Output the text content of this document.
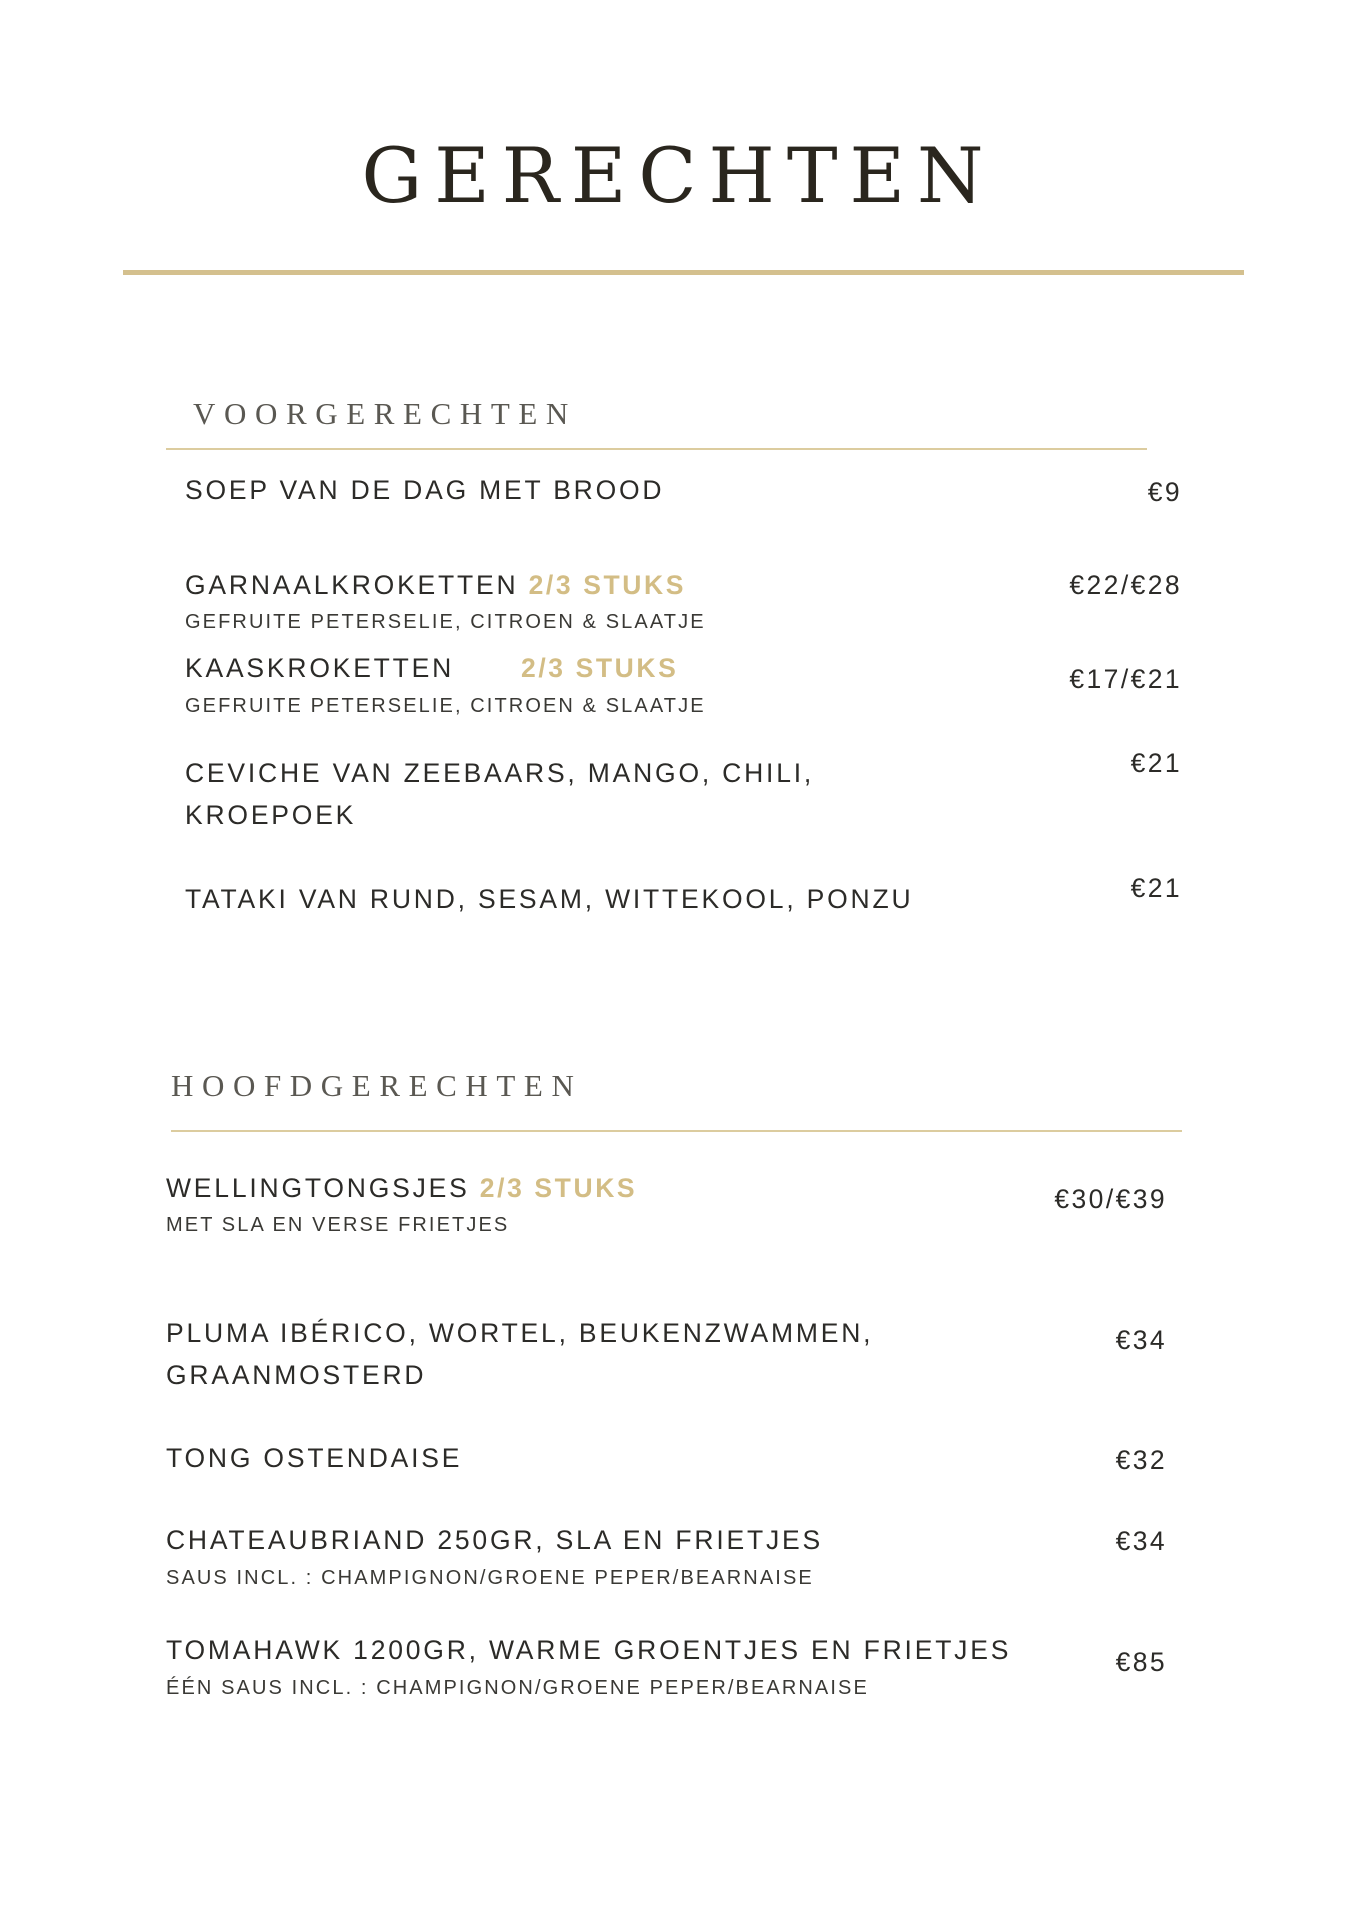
GERECHTEN
VOORGERECHTEN
SOEP VAN DE DAG MET BROOD	€9
GARNAALKROKETTEN 2/3 STUKS
GEFRUITE PETERSELIE, CITROEN & SLAATJE
€22/€28
KAASKROKETTEN	2/3 STUKS
GEFRUITE PETERSELIE, CITROEN & SLAATJE
€17/€21
CEVICHE VAN ZEEBAARS, MANGO, CHILI,
KROEPOEK
€21
TATAKI VAN RUND, SESAM, WITTEKOOL, PONZU	€21
HOOFDGERECHTEN
WELLINGTONGSJES 2/3 STUKS
MET SLA EN VERSE FRIETJES
€30/€39
PLUMA IBÉRICO, WORTEL, BEUKENZWAMMEN,
GRAANMOSTERD
€34
TONG OSTENDAISE	€32
CHATEAUBRIAND 250GR, SLA EN FRIETJES
SAUS INCL. : CHAMPIGNON/GROENE PEPER/BEARNAISE
€34
TOMAHAWK 1200GR, WARME GROENTJES EN FRIETJES
ÉÉN SAUS INCL. : CHAMPIGNON/GROENE PEPER/BEARNAISE
€85
